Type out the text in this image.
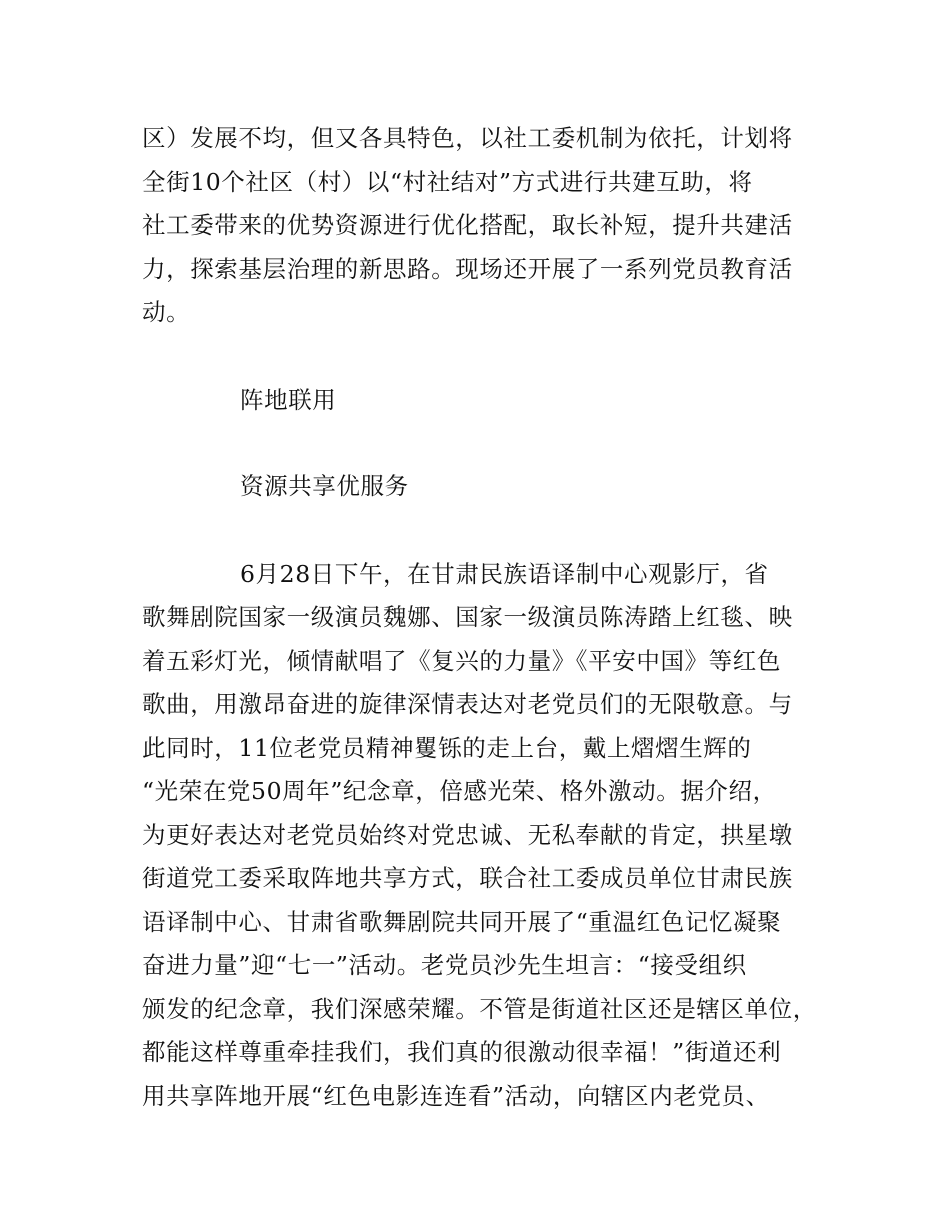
区）发展不均，但又各具特色，以社工委机制为依托，计划将
全街10个社区（村）以“村社结对”方式进行共建互助，将
社工委带来的优势资源进行优化搭配，取长补短，提升共建活
力，探索基层治理的新思路。现场还开展了一系列党员教育活
动。
阵地联用
资源共享优服务
6月28日下午，在甘肃民族语译制中心观影厅，省
歌舞剧院国家一级演员魏娜、国家一级演员陈涛踏上红毯、映
着五彩灯光，倾情献唱了《复兴的力量》《平安中国》等红色
歌曲，用激昂奋进的旋律深情表达对老党员们的无限敬意。与
此同时，11位老党员精神矍铄的走上台，戴上熠熠生辉的
“光荣在党50周年”纪念章，倍感光荣、格外激动。据介绍，
为更好表达对老党员始终对党忠诚、无私奉献的肯定，拱星墩
街道党工委采取阵地共享方式，联合社工委成员单位甘肃民族
语译制中心、甘肃省歌舞剧院共同开展了“重温红色记忆凝聚
奋进力量”迎“七一”活动。老党员沙先生坦言：“接受组织
颁发的纪念章，我们深感荣耀。不管是街道社区还是辖区单位，
都能这样尊重牵挂我们，我们真的很激动很幸福！”街道还利
用共享阵地开展“红色电影连连看”活动，向辖区内老党员、
